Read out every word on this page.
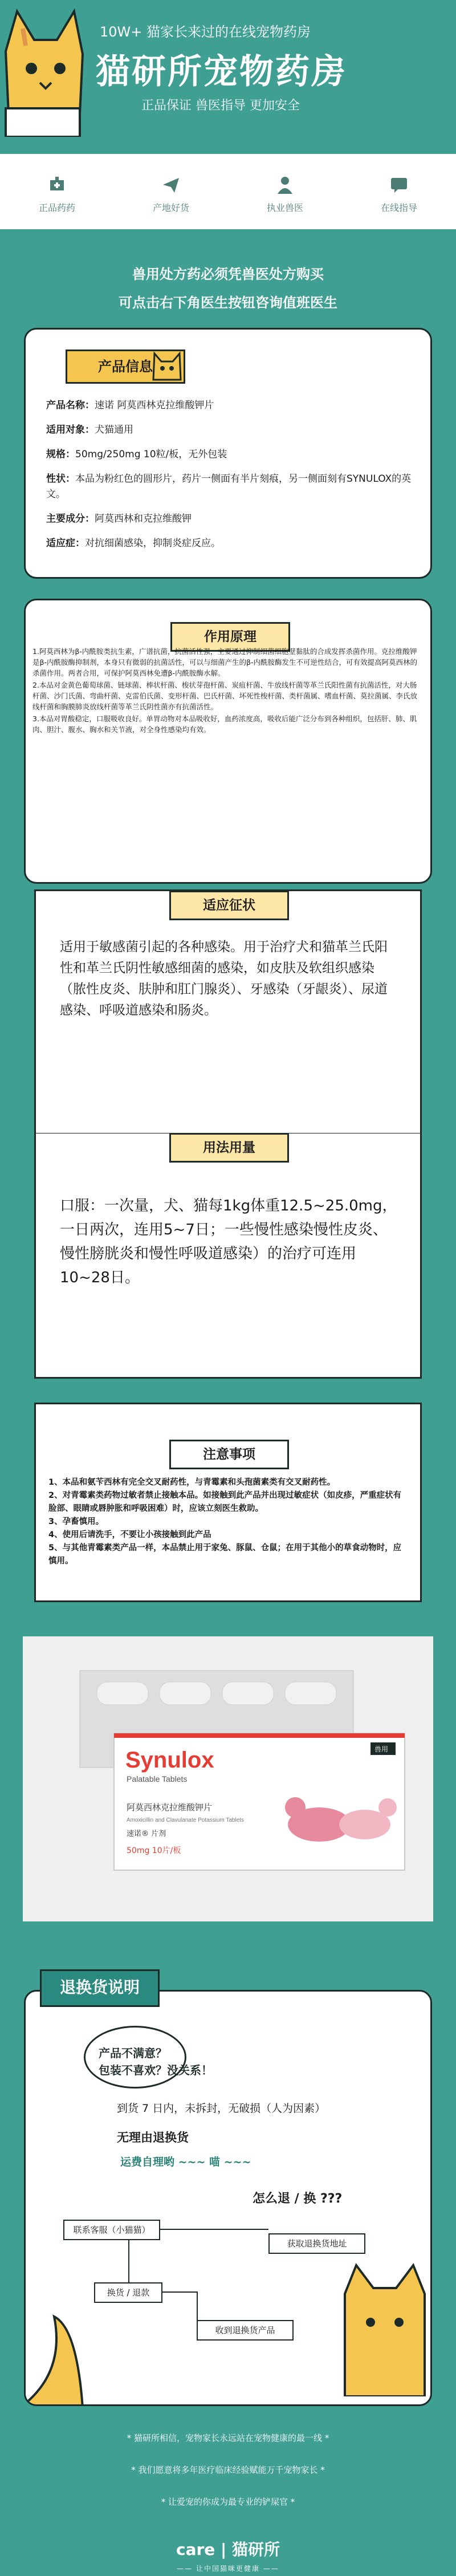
10W+ 猫家长来过的在线宠物药房
猫研所宠物药房
正品保证 兽医指导 更加安全
正品药药	产地好货	执业兽医	在线指导
兽用处方药必须凭兽医处方购买
可点击右下角医生按钮咨询值班医生
产品信息
产品名称：速诺 阿莫西林克拉维酸钾片
适用对象：犬猫通用
规格：50mg/250mg 10粒/板，无外包装
性状：本品为粉红色的圆形片，药片一侧面有半片刻痕，另一侧面刻有SYNULOX的英文。
主要成分：阿莫西林和克拉维酸钾
适应症：对抗细菌感染，抑制炎症反应。
作用原理

1.阿莫西林为β-内酰胺类抗生素，广谱抗菌，抗菌活性强，主要通过抑制细菌细胞壁黏肽的合成发挥杀菌作用。克拉维酸钾是β-内酰胺酶抑制剂，本身只有微弱的抗菌活性，可以与细菌产生的β-内酰胺酶发生不可逆性结合，可有效提高阿莫西林的杀菌作用。两者合用，可保护阿莫西林免遭β-内酰胺酶水解。

2.本品对金黄色葡萄球菌、链球菌、棒状杆菌、梭状芽孢杆菌、炭疽杆菌、牛放线杆菌等革兰氏阳性菌有抗菌活性，对大肠杆菌、沙门氏菌、弯曲杆菌、克雷伯氏菌、变形杆菌、巴氏杆菌、坏死性梭杆菌、类杆菌属、嗜血杆菌、莫拉菌属、李氏放线杆菌和胸膜肺炎放线杆菌等革兰氏阴性菌亦有抗菌活性。

3.本品对胃酸稳定，口服吸收良好。单胃动物对本品吸收好，血药浓度高，吸收后能广泛分布到各种组织，包括肝、肺、肌肉、胆汁、腹水、胸水和关节液，对全身性感染均有效。

适应征状
适用于敏感菌引起的各种感染。用于治疗犬和猫革兰氏阳性和革兰氏阴性敏感细菌的感染，如皮肤及软组织感染（脓性皮炎、肤肿和肛门腺炎）、牙感染（牙龈炎）、尿道感染、呼吸道感染和肠炎。
用法用量
口服：一次量，犬、猫每1kg体重12.5~25.0mg，一日两次，连用5~7日；一些慢性感染慢性皮炎、慢性膀胱炎和慢性呼吸道感染）的治疗可连用10~28日。
注意事项
1、本品和氨苄西林有完全交叉耐药性，与青霉素和头孢菌素类有交叉耐药性。
2、对青霉素类药物过敏者禁止接触本品。如接触到此产品并出现过敏症状（如皮疹，严重症状有脸部、眼睛或唇肿胀和呼吸困难）时，应该立刻医生救助。
3、孕畜慎用。
4、使用后请洗手，不要让小孩接触到此产品
5、与其他青霉素类产品一样，本品禁止用于家兔、豚鼠、仓鼠；在用于其他小的草食动物时，应慎用。
Synulox
Palatable Tablets
阿莫西林克拉维酸钾片
Amoxicillin and Clavulanate Potassium Tablets
速诺® 片剂
50mg 10片/板
兽用
退换货说明
产品不满意？
包装不喜欢？没关系！
到货 7 日内，未拆封，无破损（人为因素）
无理由退换货
运费自理哟 ~~~ 喵 ~~~
怎么退 / 换 ???
联系客服（小猫猫）
获取退换货地址
换货 / 退款
收到退换货产品

* 猫研所相信，宠物家长永远站在宠物健康的最一线 *

* 我们愿意将多年医疗临床经验赋能万千宠物家长 *

* 让爱宠的你成为最专业的铲屎官 *

care | 猫研所
—— 让中国猫咪更健康 ——
